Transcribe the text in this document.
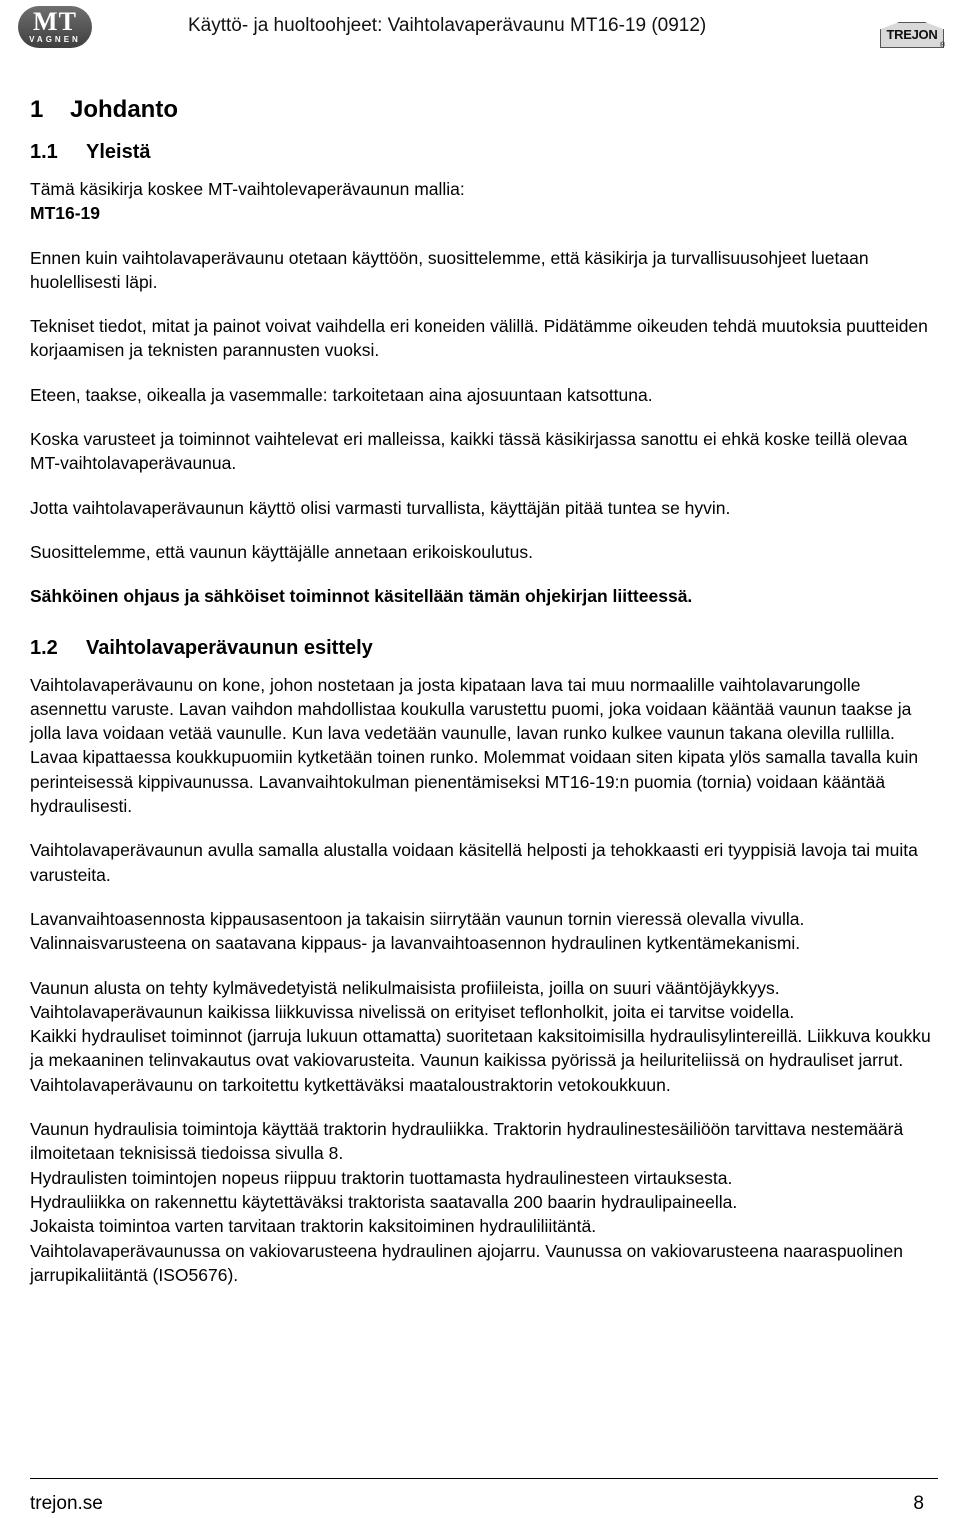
MT
VAGNEN
Käyttö- ja huoltoohjeet: Vaihtolavaperävaunu MT16-19 (0912)	TREJON
®
1 Johdanto
1.1 Yleistä

Tämä käsikirja koskee MT-vaihtolevaperävaunun mallia:

MT16-19

Ennen kuin vaihtolavaperävaunu otetaan käyttöön, suosittelemme, että käsikirja ja turvallisuusohjeet luetaan huolellisesti läpi.

Tekniset tiedot, mitat ja painot voivat vaihdella eri koneiden välillä. Pidätämme oikeuden tehdä muutoksia puutteiden korjaamisen ja teknisten parannusten vuoksi.

Eteen, taakse, oikealla ja vasemmalle: tarkoitetaan aina ajosuuntaan katsottuna.

Koska varusteet ja toiminnot vaihtelevat eri malleissa, kaikki tässä käsikirjassa sanottu ei ehkä koske teillä olevaa MT-vaihtolavaperävaunua.

Jotta vaihtolavaperävaunun käyttö olisi varmasti turvallista, käyttäjän pitää tuntea se hyvin.

Suosittelemme, että vaunun käyttäjälle annetaan erikoiskoulutus.

Sähköinen ohjaus ja sähköiset toiminnot käsitellään tämän ohjekirjan liitteessä.

1.2 Vaihtolavaperävaunun esittely

Vaihtolavaperävaunu on kone, johon nostetaan ja josta kipataan lava tai muu normaalille vaihtolavarungolle asennettu varuste. Lavan vaihdon mahdollistaa koukulla varustettu puomi, joka voidaan kääntää vaunun taakse ja jolla lava voidaan vetää vaunulle. Kun lava vedetään vaunulle, lavan runko kulkee vaunun takana olevilla rullilla. Lavaa kipattaessa koukkupuomiin kytketään toinen runko. Molemmat voidaan siten kipata ylös samalla tavalla kuin perinteisessä kippivaunussa. Lavanvaihtokulman pienentämiseksi MT16-19:n puomia (tornia) voidaan kääntää hydraulisesti.

Vaihtolavaperävaunun avulla samalla alustalla voidaan käsitellä helposti ja tehokkaasti eri tyyppisiä lavoja tai muita varusteita.

Lavanvaihtoasennosta kippausasentoon ja takaisin siirrytään vaunun tornin vieressä olevalla vivulla. Valinnaisvarusteena on saatavana kippaus- ja lavanvaihtoasennon hydraulinen kytkentämekanismi.

Vaunun alusta on tehty kylmävedetyistä nelikulmaisista profiileista, joilla on suuri vääntöjäykkyys. Vaihtolavaperävaunun kaikissa liikkuvissa nivelissä on erityiset teflonholkit, joita ei tarvitse voidella.

Kaikki hydrauliset toiminnot (jarruja lukuun ottamatta) suoritetaan kaksitoimisilla hydraulisylintereillä. Liikkuva koukku ja mekaaninen telinvakautus ovat vakiovarusteita. Vaunun kaikissa pyörissä ja heiluriteliissä on hydrauliset jarrut. Vaihtolavaperävaunu on tarkoitettu kytkettäväksi maataloustraktorin vetokoukkuun.

Vaunun hydraulisia toimintoja käyttää traktorin hydrauliikka. Traktorin hydraulinestesäiliöön tarvittava nestemäärä ilmoitetaan teknisissä tiedoissa sivulla 8.

Hydraulisten toimintojen nopeus riippuu traktorin tuottamasta hydraulinesteen virtauksesta.

Hydrauliikka on rakennettu käytettäväksi traktorista saatavalla 200 baarin hydraulipaineella.

Jokaista toimintoa varten tarvitaan traktorin kaksitoiminen hydrauliliitäntä.

Vaihtolavaperävaunussa on vakiovarusteena hydraulinen ajojarru. Vaunussa on vakiovarusteena naaraspuolinen jarrupikaliitäntä (ISO5676).

trejon.se	8
